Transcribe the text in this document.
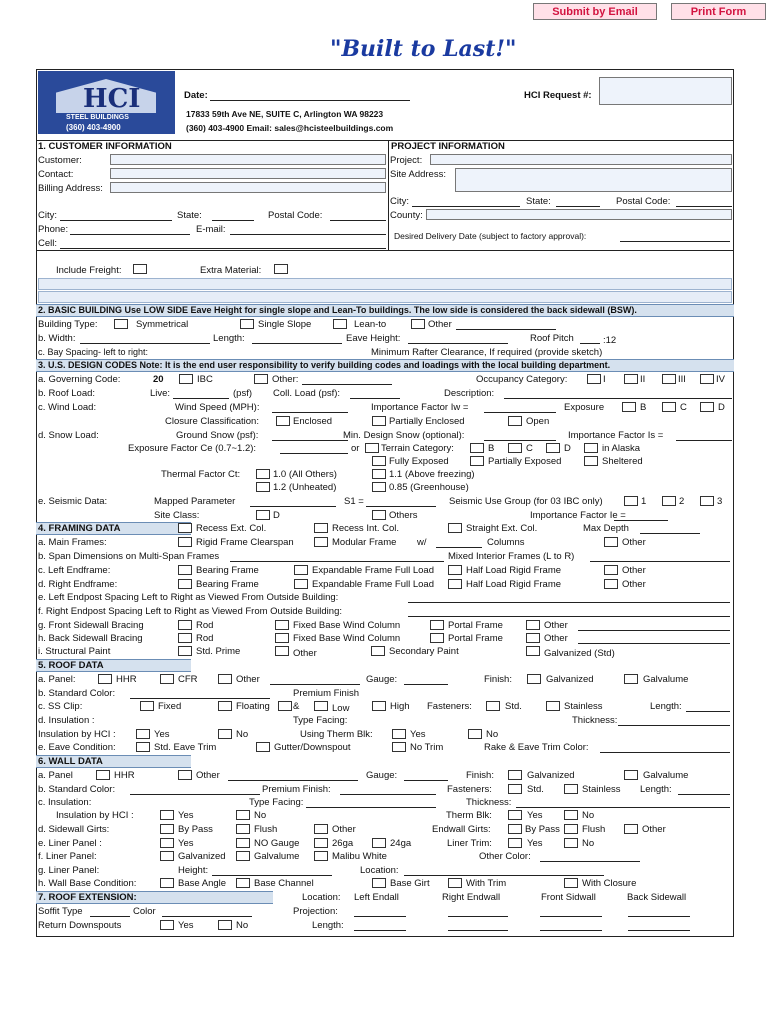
Submit by Email	Print Form
"Built to Last!"
HCI
STEEL BUILDINGS
(360) 403-4900
Date:	HCI Request #:
17833 59th Ave NE, SUITE C, Arlington WA 98223
(360) 403-4900 Email: sales@hcisteelbuildings.com
1. CUSTOMER INFORMATION	PROJECT INFORMATION
Customer:
Contact:
Billing Address:
Project:
Site Address:
City:	State:	Postal Code:
City:	State:	Postal Code:	County:
Phone:	E-mail:
Desired Delivery Date (subject to factory approval):
Cell:
Include Freight:	Extra Material:
2. BASIC BUILDING Use LOW SIDE Eave Height for single slope and Lean-To buildings. The low side is considered the back sidewall (BSW).
Building Type:	Symmetrical	Single Slope	Lean-to	Other
b. Width:	Length:	Eave Height:	Roof Pitch	:12
c. Bay Spacing- left to right:	Minimum Rafter Clearance, If required (provide sketch)
3. U.S. DESIGN CODES Note: It is the end user responsibility to verify building codes and loadings with the local building department.
a. Governing Code:	20	IBC	Other:	Occupancy Category:	I	II	III	IV
b. Roof Load:	Live:	(psf) Coll. Load (psf):	Description:
c. Wind Load:	Wind Speed (MPH):	Importance Factor Iw =	Exposure	B	C	D
Closure Classification:	Enclosed	Partially Enclosed	Open
d. Snow Load:	Ground Snow (psf):	Min. Design Snow (optional):	Importance Factor Is =
Exposure Factor Ce (0.7~1.2):	or Terrain Category:	B	C	D	in Alaska
Fully Exposed	Partially Exposed	Sheltered
Thermal Factor Ct:	1.0 (All Others)	1.1 (Above freezing)
1.2 (Unheated)	0.85 (Greenhouse)
e. Seismic Data:	Mapped Parameter	S1 =	Seismic Use Group (for 03 IBC only)	1	2	3
Site Class:	D	Others	Importance Factor Ie =
4. FRAMING DATA	Recess Ext. Col.	Recess Int. Col.	Straight Ext. Col.	Max Depth
a. Main Frames:	Rigid Frame Clearspan	Modular Frame w/	Columns	Other
b. Span Dimensions on Multi-Span Frames	Mixed Interior Frames (L to R)
c. Left Endframe:	Bearing Frame	Expandable Frame Full Load	Half Load Rigid Frame	Other
d. Right Endframe:	Bearing Frame	Expandable Frame Full Load	Half Load Rigid Frame	Other
e. Left Endpost Spacing Left to Right as Viewed From Outside Building:
f. Right Endpost Spacing Left to Right as Viewed From Outside Building:
g. Front Sidewall Bracing	Rod	Fixed Base Wind Column	Portal Frame	Other
h. Back Sidewall Bracing	Rod	Fixed Base Wind Column	Portal Frame	Other
i. Structural Paint	Std. Prime	Other	Secondary Paint	Galvanized (Std)
5. ROOF DATA
a. Panel:	HHR	CFR	Other	Gauge:	Finish:	Galvanized	Galvalume
b. Standard Color:	Premium Finish
c. SS Clip:	Fixed	Floating &	Low	High Fasteners:	Std.	Stainless	Length:
d. Insulation :	Type Facing:	Thickness:
Insulation by HCI :	Yes	No	Using Therm Blk:	Yes	No
e. Eave Condition:	Std. Eave Trim	Gutter/Downspout	No Trim	Rake & Eave Trim Color:
6. WALL DATA
a. Panel	HHR	Other	Gauge:	Finish:	Galvanized	Galvalume
b. Standard Color:	Premium Finish:	Fasteners:	Std.	Stainless Length:
c. Insulation:	Type Facing:	Thickness:
Insulation by HCI :	Yes	No	Therm Blk:	Yes	No
d. Sidewall Girts:	By Pass	Flush	Other	Endwall Girts:	By Pass Flush	Other
e. Liner Panel :	Yes	NO Gauge	26ga	24ga	Liner Trim:	Yes	No
f. Liner Panel:	Galvanized	Galvalume	Malibu White	Other Color:
g. Liner Panel:	Height:	Location:
h. Wall Base Condition:	Base Angle	Base Channel	Base Girt	With Trim	With Closure
7. ROOF EXTENSION:	Location: Left Endall	Right Endwall	Front Sidwall	Back Sidewall
Soffit Type	Color	Projection:
Return Downspouts	Yes	No	Length:
